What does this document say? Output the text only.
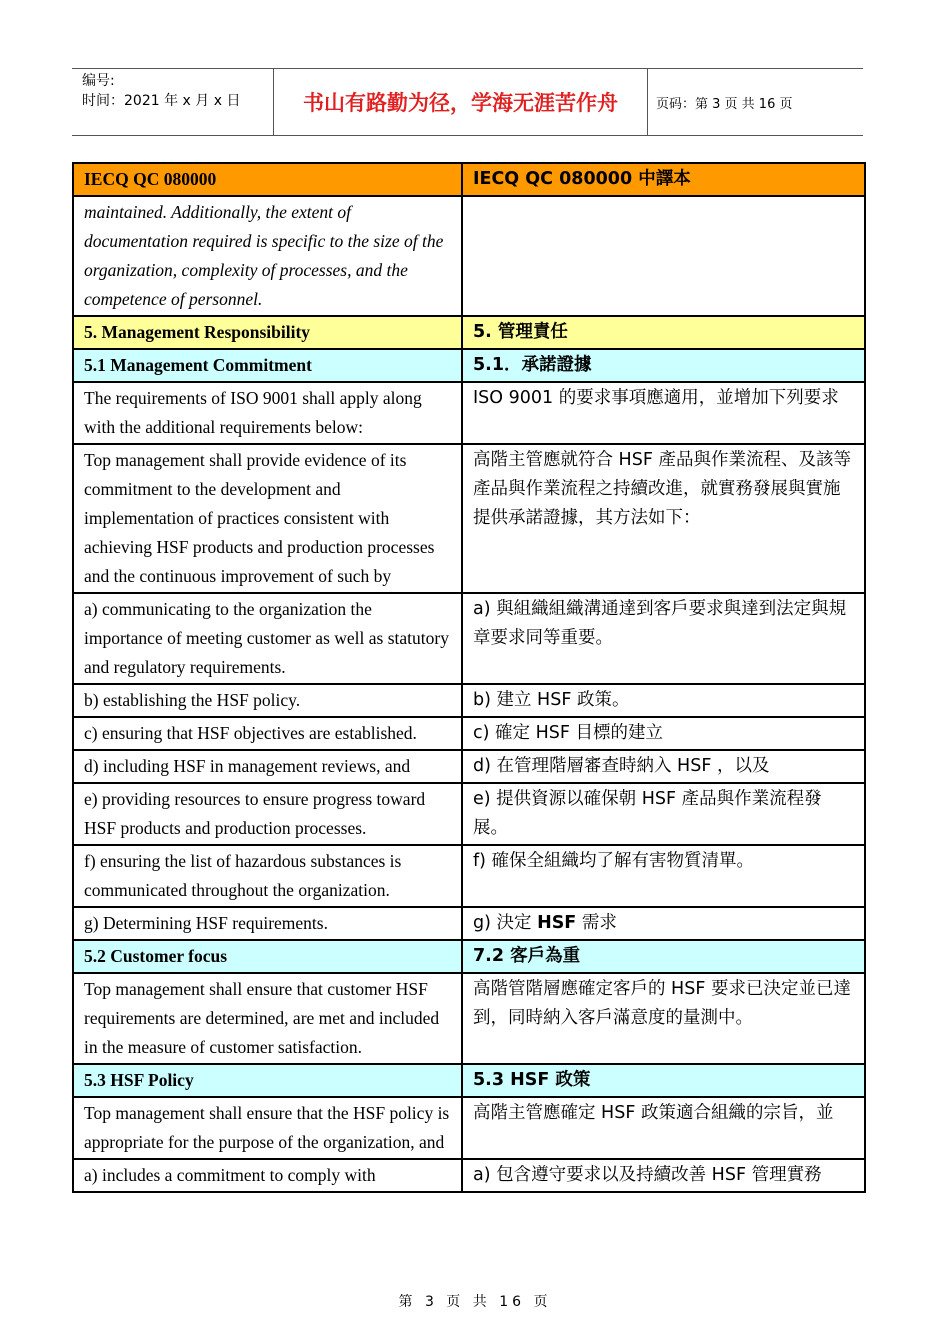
编号:
时间：2021 年 x 月 x 日	书山有路勤为径，学海无涯苦作舟	页码：第 3 页 共 16 页
IECQ QC 080000	IECQ QC 080000 中譯本
maintained. Additionally, the extent of documentation required is specific to the size of the organization, complexity of processes, and the competence of personnel.	
5. Management Responsibility	5. 管理責任
5.1 Management Commitment	5.1．承諾證據
The requirements of ISO 9001 shall apply along with the additional requirements below:	ISO 9001 的要求事項應適用，並增加下列要求
Top management shall provide evidence of its commitment to the development and implementation of practices consistent with achieving HSF products and production processes and the continuous improvement of such by	高階主管應就符合 HSF 產品與作業流程、及該等產品與作業流程之持續改進，就實務發展與實施提供承諾證據，其方法如下：
a) communicating to the organization the importance of meeting customer as well as statutory and regulatory requirements.	a) 與組織組織溝通達到客戶要求與達到法定與規章要求同等重要。
b) establishing the HSF policy.	b) 建立 HSF 政策。
c) ensuring that HSF objectives are established.	c) 確定 HSF 目標的建立
d) including HSF in management reviews, and	d) 在管理階層審查時納入 HSF ，以及
e) providing resources to ensure progress toward HSF products and production processes.	e) 提供資源以確保朝 HSF 產品與作業流程發展。
f) ensuring the list of hazardous substances is communicated throughout the organization.	f) 確保全組織均了解有害物質清單。
g) Determining HSF requirements.	g) 決定 HSF 需求
5.2 Customer focus	7.2 客戶為重
Top management shall ensure that customer HSF requirements are determined, are met and included in the measure of customer satisfaction.	高階管階層應確定客戶的 HSF 要求已決定並已達到，同時納入客戶滿意度的量測中。
5.3 HSF Policy	5.3 HSF 政策
Top management shall ensure that the HSF policy is appropriate for the purpose of the organization, and	高階主管應確定 HSF 政策適合組織的宗旨，並
a) includes a commitment to comply with	a) 包含遵守要求以及持續改善 HSF 管理實務
第 3 页 共 16 页
